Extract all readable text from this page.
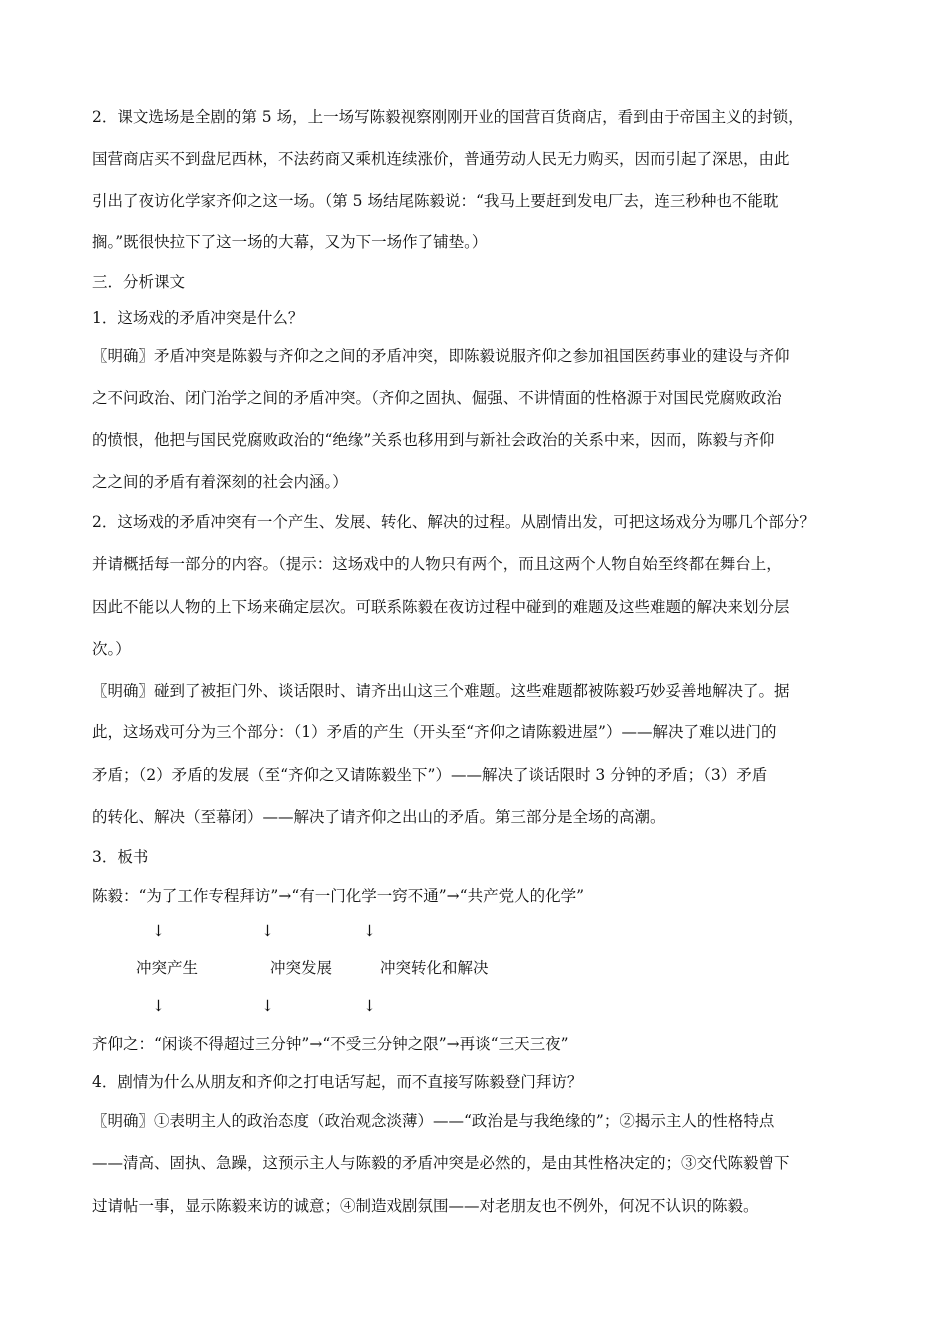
2．课文选场是全剧的第 5 场，上一场写陈毅视察刚刚开业的国营百货商店，看到由于帝国主义的封锁，
国营商店买不到盘尼西林，不法药商又乘机连续涨价，普通劳动人民无力购买，因而引起了深思，由此
引出了夜访化学家齐仰之这一场。（第 5 场结尾陈毅说：“我马上要赶到发电厂去，连三秒种也不能耽
搁。”既很快拉下了这一场的大幕，又为下一场作了铺垫。）
三．分析课文
1．这场戏的矛盾冲突是什么？
〖明确〗矛盾冲突是陈毅与齐仰之之间的矛盾冲突，即陈毅说服齐仰之参加祖国医药事业的建设与齐仰
之不问政治、闭门治学之间的矛盾冲突。（齐仰之固执、倔强、不讲情面的性格源于对国民党腐败政治
的愤恨，他把与国民党腐败政治的“绝缘”关系也移用到与新社会政治的关系中来，因而，陈毅与齐仰
之之间的矛盾有着深刻的社会内涵。）
2．这场戏的矛盾冲突有一个产生、发展、转化、解决的过程。从剧情出发，可把这场戏分为哪几个部分？
并请概括每一部分的内容。（提示：这场戏中的人物只有两个，而且这两个人物自始至终都在舞台上，
因此不能以人物的上下场来确定层次。可联系陈毅在夜访过程中碰到的难题及这些难题的解决来划分层
次。）
〖明确〗碰到了被拒门外、谈话限时、请齐出山这三个难题。这些难题都被陈毅巧妙妥善地解决了。据
此，这场戏可分为三个部分：（1）矛盾的产生（开头至“齐仰之请陈毅进屋”）——解决了难以进门的
矛盾；（2）矛盾的发展（至“齐仰之又请陈毅坐下”）——解决了谈话限时 3 分钟的矛盾；（3）矛盾
的转化、解决（至幕闭）——解决了请齐仰之出山的矛盾。第三部分是全场的高潮。
3．板书
陈毅：“为了工作专程拜访”→“有一门化学一窍不通”→“共产党人的化学”
↓	↓	↓
冲突产生	冲突发展	冲突转化和解决
↓	↓	↓
齐仰之：“闲谈不得超过三分钟”→“不受三分钟之限”→再谈“三天三夜”
4．剧情为什么从朋友和齐仰之打电话写起，而不直接写陈毅登门拜访？
〖明确〗①表明主人的政治态度（政治观念淡薄）——“政治是与我绝缘的”；②揭示主人的性格特点
——清高、固执、急躁，这预示主人与陈毅的矛盾冲突是必然的，是由其性格决定的；③交代陈毅曾下
过请帖一事，显示陈毅来访的诚意；④制造戏剧氛围——对老朋友也不例外，何况不认识的陈毅。
